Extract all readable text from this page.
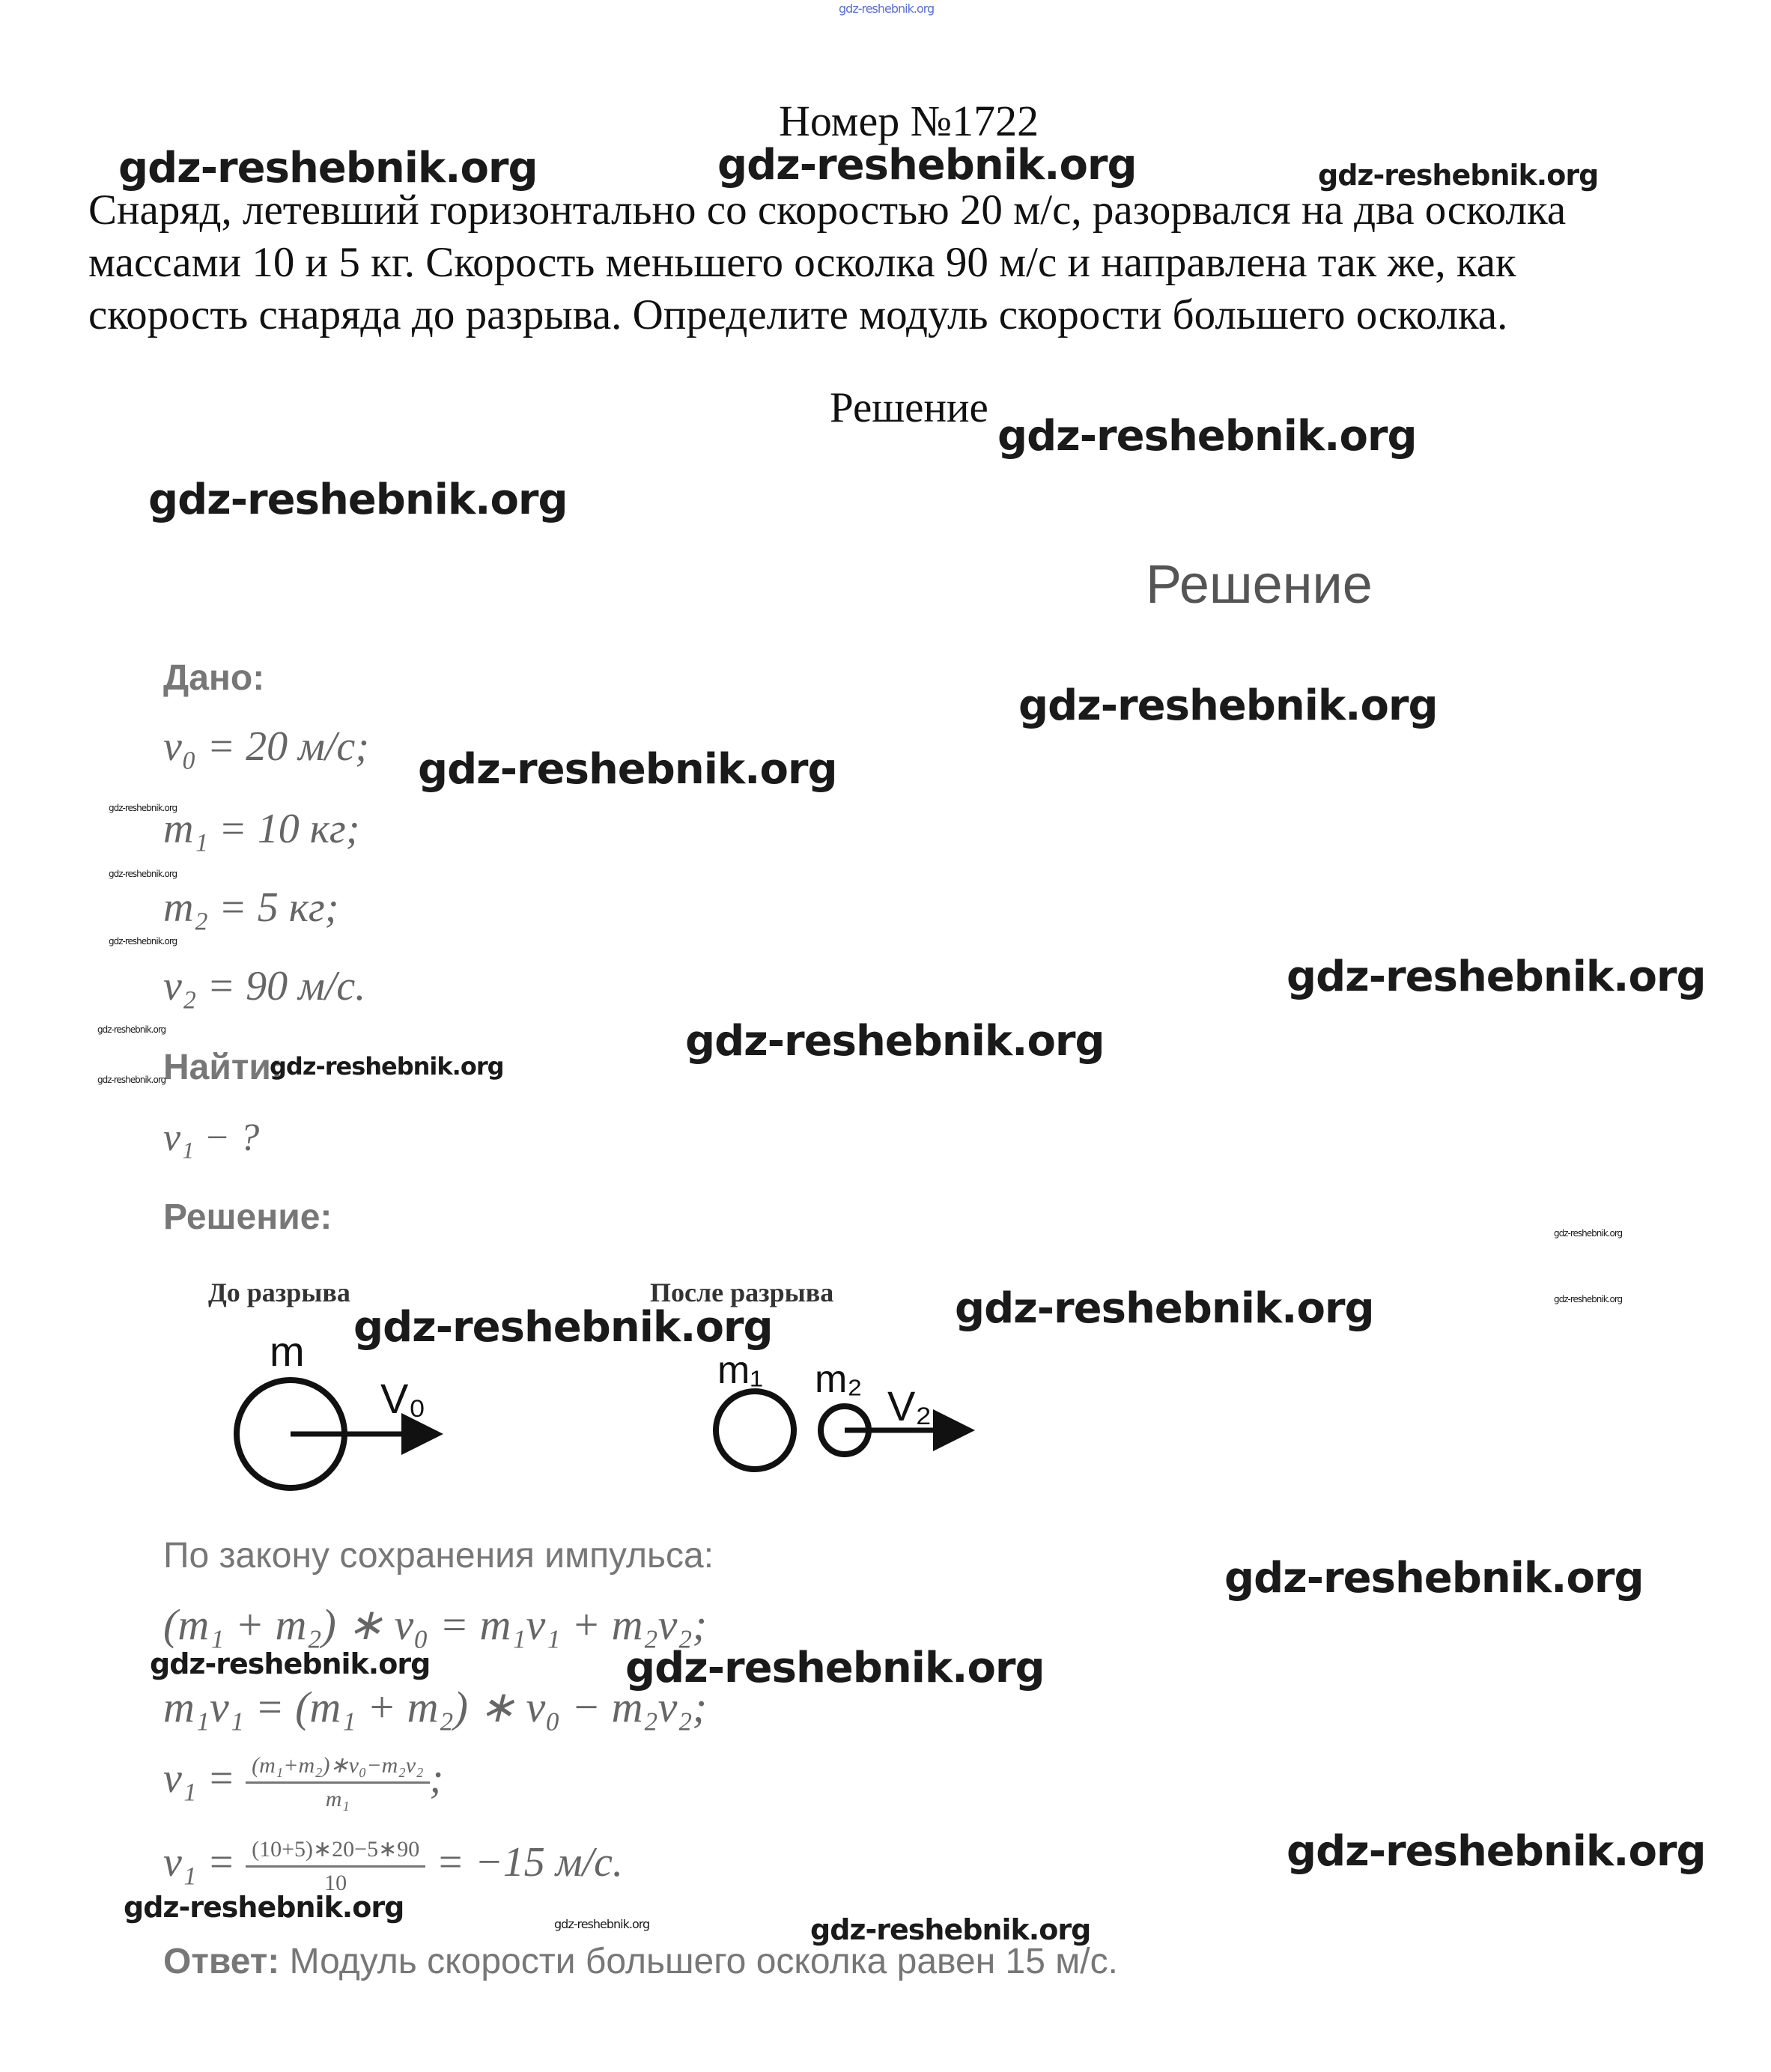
gdz-reshebnik.org
Номер №1722
Снаряд, летевший горизонтально со скоростью 20 м/с, разорвался на два осколка
массами 10 и 5 кг. Скорость меньшего осколка 90 м/с и направлена так же, как
скорость снаряда до разрыва. Определите модуль скорости большего осколка.
Решение
Решение
Дано:
v₀ = 20 м/с;
m₁ = 10 кг;
m₂ = 5 кг;
v₂ = 90 м/с.
Найти:
v₁ − ?
Решение:
До разрыва	После разрыва
m
V₀
m₁ m₂
V₂
По закону сохранения импульса:
(m₁ + m₂) ∗ v₀ = m₁v₁ + m₂v₂;
m₁v₁ = (m₁ + m₂) ∗ v₀ − m₂v₂;
$v_1 = \frac{\text{(m₁+m₂)∗v₀−m₂v₂}}{\text{m₁}}$ ;
$v_1 = \frac{(10+5)∗20-5∗90}{10} = -15$ м/с.
Ответ: Модуль скорости большего осколка равен 15 м/с.
gdz-reshebnik.org	gdz-reshebnik.org	gdz-reshebnik.org
gdz-reshebnik.org
gdz-reshebnik.org
gdz-reshebnik.org
gdz-reshebnik.org
gdz-reshebnik.org
gdz-reshebnik.org
gdz-reshebnik.org
gdz-reshebnik.org
gdz-reshebnik.org
gdz-reshebnik.org
gdz-reshebnik.org
gdz-reshebnik.org
gdz-reshebnik.org
gdz-reshebnik.org
gdz-reshebnik.org
gdz-reshebnik.org
gdz-reshebnik.org
gdz-reshebnik.org	gdz-reshebnik.org
gdz-reshebnik.org
gdz-reshebnik.org
gdz-reshebnik.org	gdz-reshebnik.org
